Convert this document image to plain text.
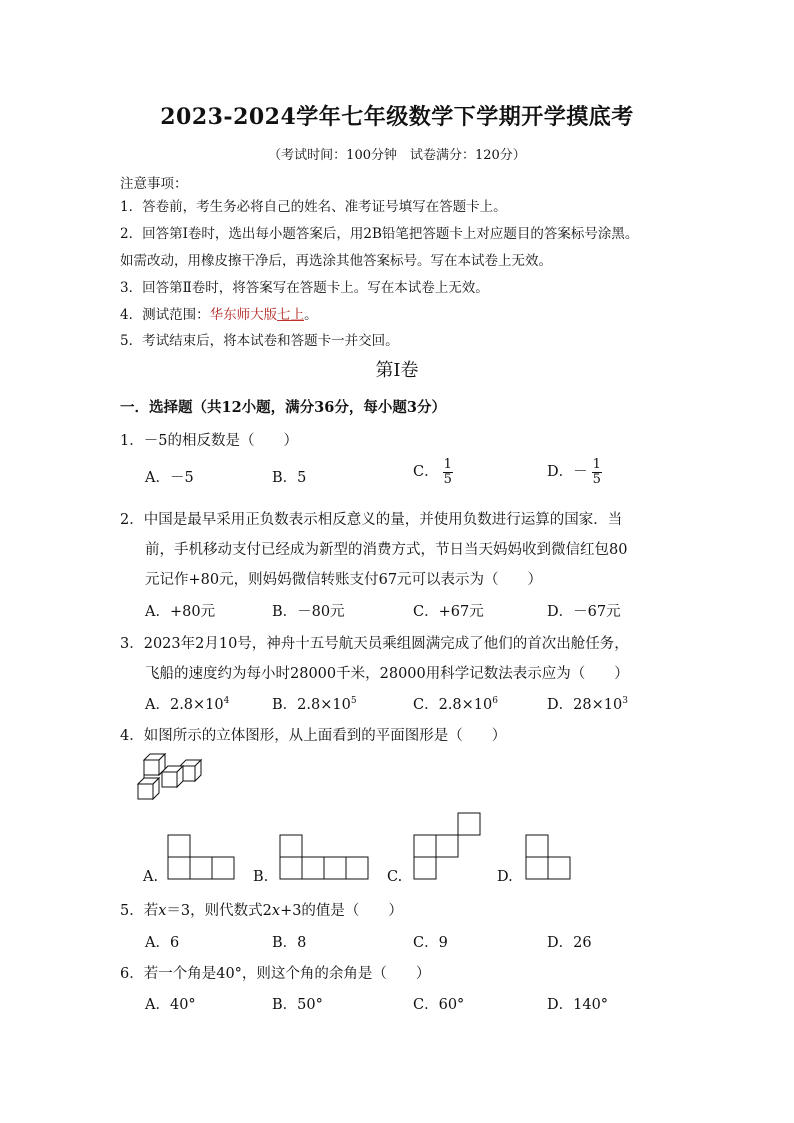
2023-2024学年七年级数学下学期开学摸底考
（考试时间：100分钟　试卷满分：120分）
注意事项：
1．答卷前，考生务必将自己的姓名、准考证号填写在答题卡上。
2．回答第Ⅰ卷时，选出每小题答案后，用2B铅笔把答题卡上对应题目的答案标号涂黑。
如需改动，用橡皮擦干净后，再选涂其他答案标号。写在本试卷上无效。
3．回答第Ⅱ卷时，将答案写在答题卡上。写在本试卷上无效。
4．测试范围：华东师大版七上。
5．考试结束后，将本试卷和答题卡一并交回。
第Ⅰ卷
一．选择题（共12小题，满分36分，每小题3分）
1．－5的相反数是（　　）
A．－5	B．5	C． $\frac{1}{5}$	D．－ $\frac{1}{5}$
2．中国是最早采用正负数表示相反意义的量，并使用负数进行运算的国家．当
前，手机移动支付已经成为新型的消费方式，节日当天妈妈收到微信红包80
元记作+80元，则妈妈微信转账支付67元可以表示为（　　）
A．+80元	B．－80元	C．+67元	D．－67元
3．2023年2月10号，神舟十五号航天员乘组圆满完成了他们的首次出舱任务，
飞船的速度约为每小时28000千米，28000用科学记数法表示应为（　　）
A．$2.8\times 10^4$	B．$2.8\times 10^5$	C．$2.8\times 10^6$	D．$28\times 10^3$
4．如图所示的立体图形，从上面看到的平面图形是（　　）
A.	B.	C.	D.
5．若x＝3，则代数式2x+3的值是（　　）
A．6	B．8	C．9	D．26
6．若一个角是40°，则这个角的余角是（　　）
A．40°	B．50°	C．60°	D．140°
